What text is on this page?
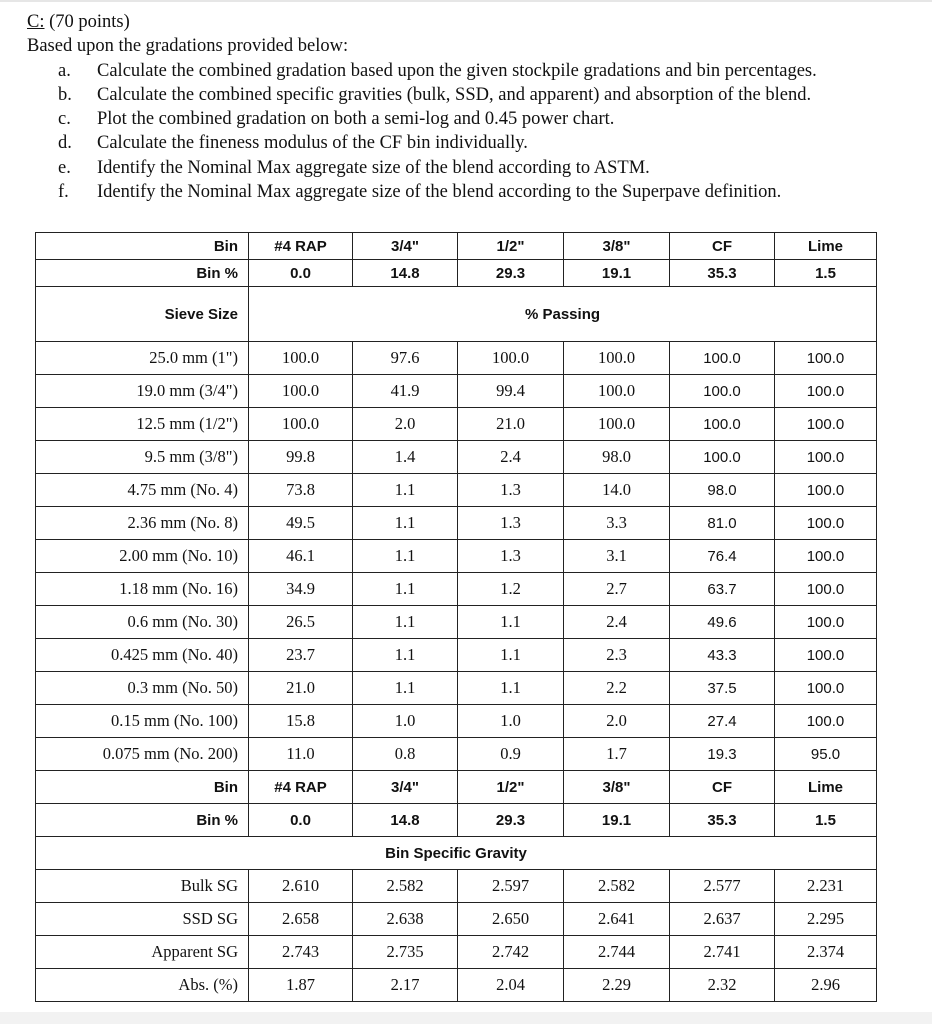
C: (70 points)
Based upon the gradations provided below:
a. Calculate the combined gradation based upon the given stockpile gradations and bin percentages.
b. Calculate the combined specific gravities (bulk, SSD, and apparent) and absorption of the blend.
c. Plot the combined gradation on both a semi-log and 0.45 power chart.
d. Calculate the fineness modulus of the CF bin individually.
e. Identify the Nominal Max aggregate size of the blend according to ASTM.
f. Identify the Nominal Max aggregate size of the blend according to the Superpave definition.
Bin	#4 RAP	3/4"	1/2"	3/8"	CF	Lime
Bin %	0.0	14.8	29.3	19.1	35.3	1.5
Sieve Size	% Passing					
25.0 mm (1")	100.0	97.6	100.0	100.0	100.0	100.0
19.0 mm (3/4")	100.0	41.9	99.4	100.0	100.0	100.0
12.5 mm (1/2")	100.0	2.0	21.0	100.0	100.0	100.0
9.5 mm (3/8")	99.8	1.4	2.4	98.0	100.0	100.0
4.75 mm (No. 4)	73.8	1.1	1.3	14.0	98.0	100.0
2.36 mm (No. 8)	49.5	1.1	1.3	3.3	81.0	100.0
2.00 mm (No. 10)	46.1	1.1	1.3	3.1	76.4	100.0
1.18 mm (No. 16)	34.9	1.1	1.2	2.7	63.7	100.0
0.6 mm (No. 30)	26.5	1.1	1.1	2.4	49.6	100.0
0.425 mm (No. 40)	23.7	1.1	1.1	2.3	43.3	100.0
0.3 mm (No. 50)	21.0	1.1	1.1	2.2	37.5	100.0
0.15 mm (No. 100)	15.8	1.0	1.0	2.0	27.4	100.0
0.075 mm (No. 200)	11.0	0.8	0.9	1.7	19.3	95.0
Bin	#4 RAP	3/4"	1/2"	3/8"	CF	Lime
Bin %	0.0	14.8	29.3	19.1	35.3	1.5
Bin Specific Gravity						
Bulk SG	2.610	2.582	2.597	2.582	2.577	2.231
SSD SG	2.658	2.638	2.650	2.641	2.637	2.295
Apparent SG	2.743	2.735	2.742	2.744	2.741	2.374
Abs. (%)	1.87	2.17	2.04	2.29	2.32	2.96
